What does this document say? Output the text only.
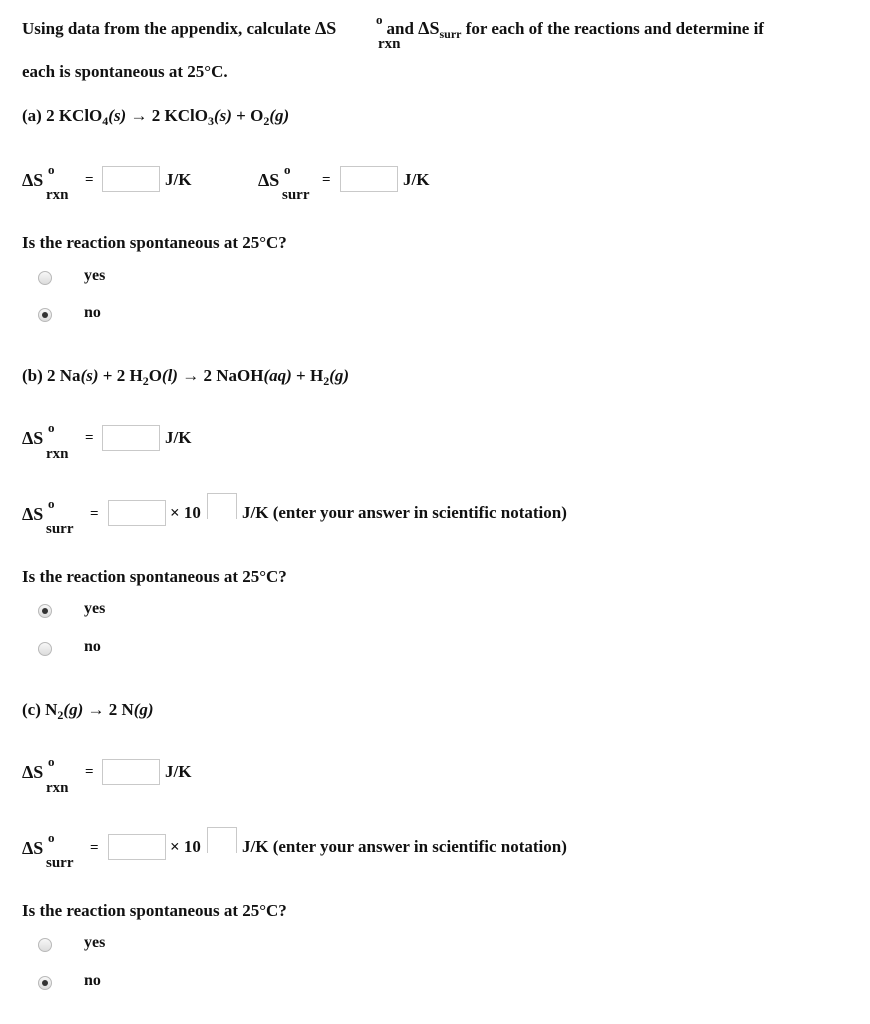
Using data from the appendix, calculate ΔS	and $\Delta S_{surr}$ for each of the reactions and determine if
o
rxn
each is spontaneous at 25°C.
(a) 2 KClO$_4$(s) → 2 KClO$_3$(s) + $O_2(g)$
ΔS
o
rxn
=	J/K	ΔS
o
surr
=	J/K
Is the reaction spontaneous at 25°C?
yes
no
(b) 2 Na(s) + 2 $H_2O(l) \to 2$ NaOH(aq) + $H_2(g)$
ΔS
o
rxn
=	J/K
ΔS
o
surr
=	× 10 J/K (enter your answer in scientific notation)
Is the reaction spontaneous at 25°C?
yes
no
(c) $N_2(g) \to 2$ N(g)
ΔS
o
rxn
=	J/K
ΔS
o
surr
=	× 10 J/K (enter your answer in scientific notation)
Is the reaction spontaneous at 25°C?
yes
no
